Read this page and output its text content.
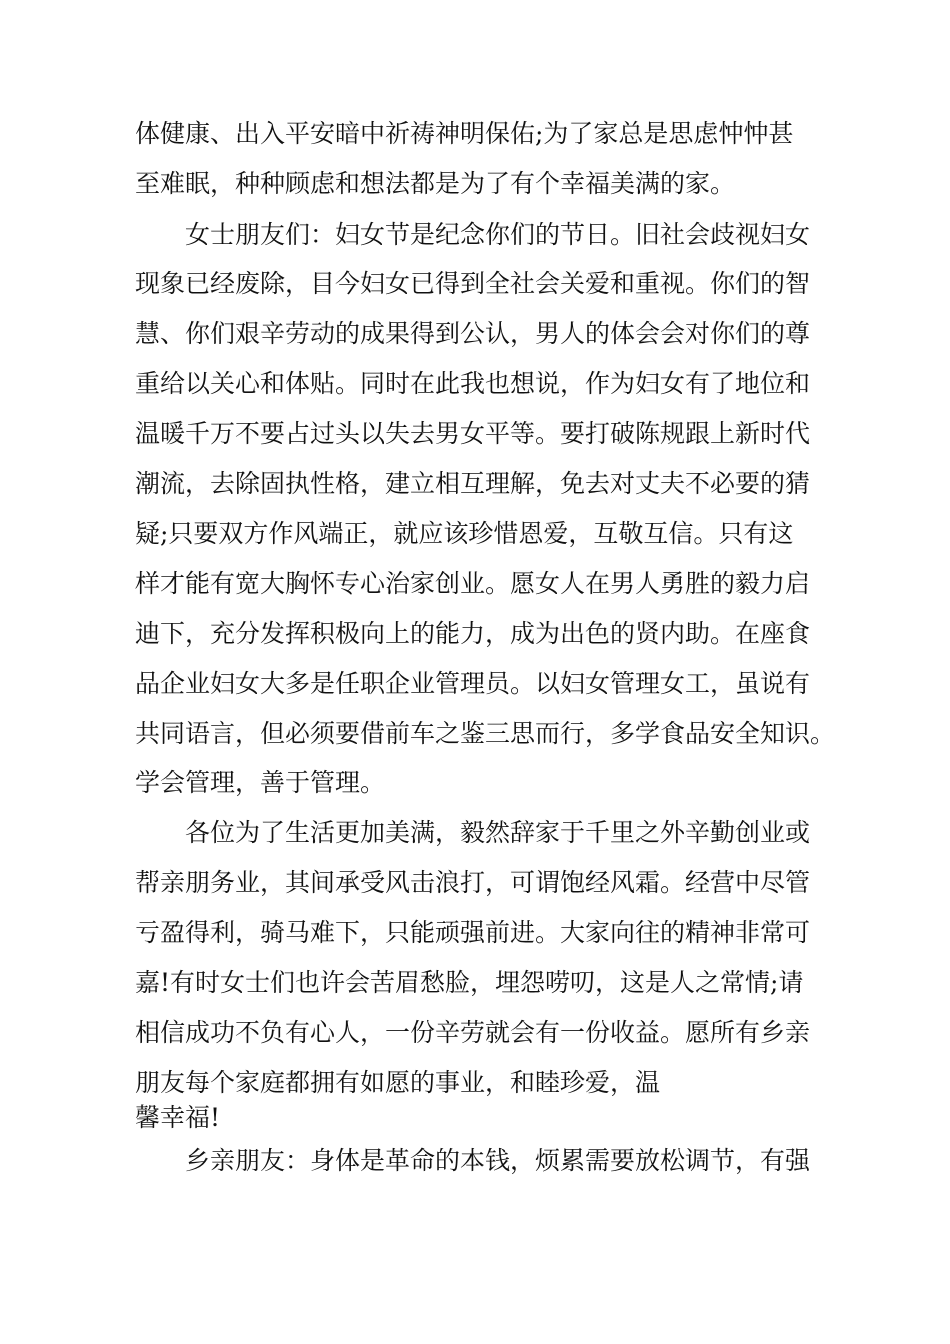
体健康、出入平安暗中祈祷神明保佑;为了家总是思虑忡忡甚
至难眠，种种顾虑和想法都是为了有个幸福美满的家。
女士朋友们：妇女节是纪念你们的节日。旧社会歧视妇女
现象已经废除，目今妇女已得到全社会关爱和重视。你们的智
慧、你们艰辛劳动的成果得到公认，男人的体会会对你们的尊
重给以关心和体贴。同时在此我也想说，作为妇女有了地位和
温暖千万不要占过头以失去男女平等。要打破陈规跟上新时代
潮流，去除固执性格，建立相互理解，免去对丈夫不必要的猜
疑;只要双方作风端正，就应该珍惜恩爱，互敬互信。只有这
样才能有宽大胸怀专心治家创业。愿女人在男人勇胜的毅力启
迪下，充分发挥积极向上的能力，成为出色的贤内助。在座食
品企业妇女大多是任职企业管理员。以妇女管理女工，虽说有
共同语言，但必须要借前车之鉴三思而行，多学食品安全知识。
学会管理，善于管理。
各位为了生活更加美满，毅然辞家于千里之外辛勤创业或
帮亲朋务业，其间承受风击浪打，可谓饱经风霜。经营中尽管
亏盈得利，骑马难下，只能顽强前进。大家向往的精神非常可
嘉!有时女士们也许会苦眉愁脸，埋怨唠叨，这是人之常情;请
相信成功不负有心人，一份辛劳就会有一份收益。愿所有乡亲
朋友每个家庭都拥有如愿的事业，和睦珍爱，温
馨幸福!
乡亲朋友：身体是革命的本钱，烦累需要放松调节，有强
